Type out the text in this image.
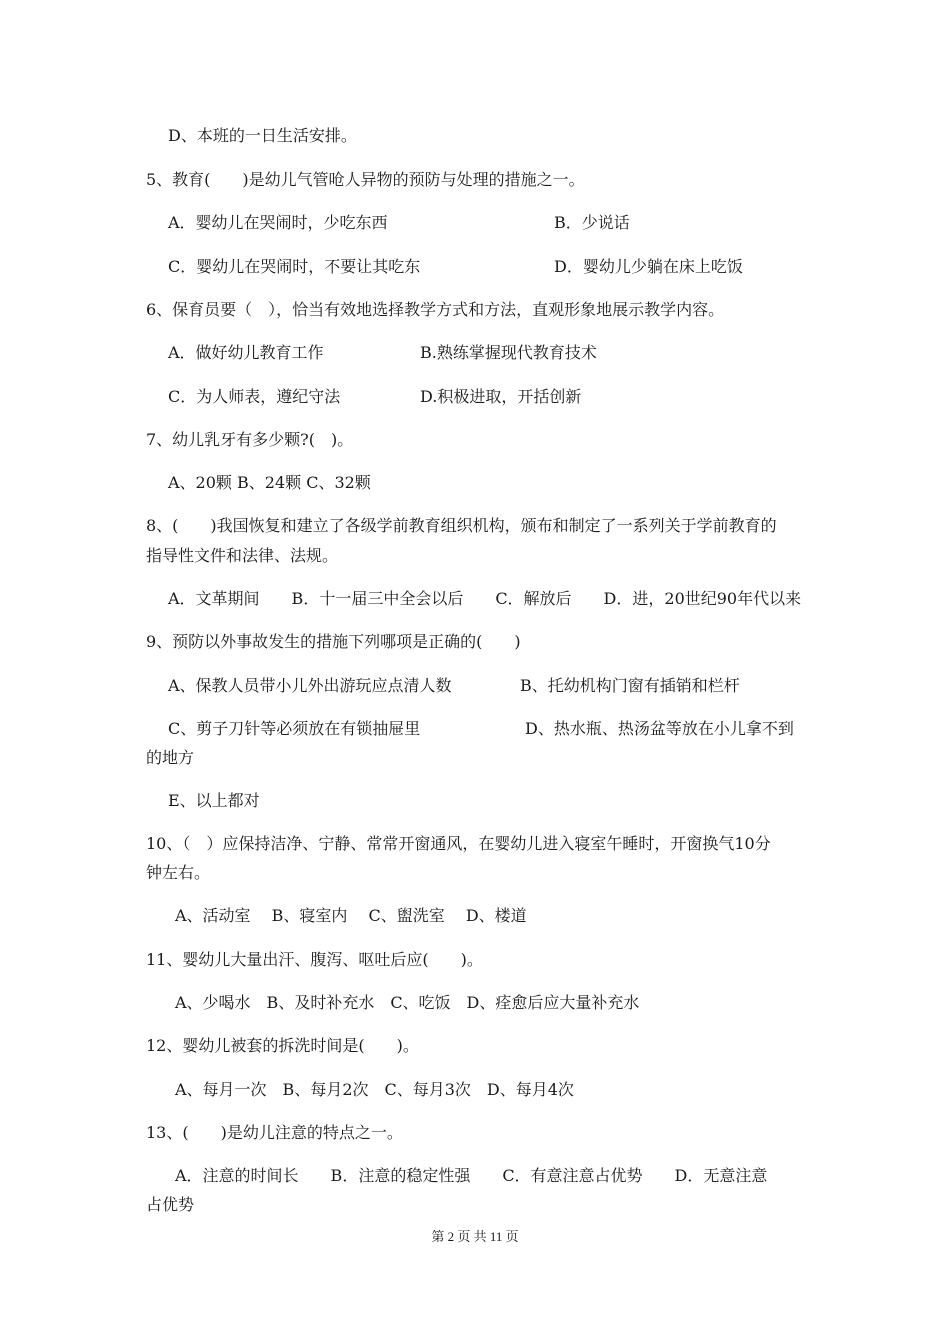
D、本班的一日生活安排。
5、教育(　　)是幼儿气管呛人异物的预防与处理的措施之一。
A．婴幼儿在哭闹时，少吃东西	B．少说话
C．婴幼儿在哭闹时，不要让其吃东	D．婴幼儿少躺在床上吃饭
6、保育员要（　），恰当有效地选择教学方式和方法，直观形象地展示教学内容。
A．做好幼儿教育工作	B.熟练掌握现代教育技术
C．为人师表，遵纪守法	D.积极进取，开括创新
7、幼儿乳牙有多少颗?(　)。
A、20颗 B、24颗 C、32颗
8、(　　)我国恢复和建立了各级学前教育组织机构，颁布和制定了一系列关于学前教育的
指导性文件和法律、法规。
A．文革期间　　B．十一届三中全会以后　　C．解放后　　D．进，20世纪90年代以来
9、预防以外事故发生的措施下列哪项是正确的(　　)
A、保教人员带小儿外出游玩应点清人数	B、托幼机构门窗有插销和栏杆
C、剪子刀针等必须放在有锁抽屉里	D、热水瓶、热汤盆等放在小儿拿不到
的地方
E、以上都对
10、（　）应保持洁净、宁静、常常开窗通风，在婴幼儿进入寝室午睡时，开窗换气10分
钟左右。
A、活动室　 B、寝室内　 C、盥洗室　 D、楼道
11、婴幼儿大量出汗、腹泻、呕吐后应(　　)。
A、少喝水　B、及时补充水　C、吃饭　D、痊愈后应大量补充水
12、婴幼儿被套的拆洗时间是(　　)。
A、每月一次　B、每月2次　C、每月3次　D、每月4次
13、(　　)是幼儿注意的特点之一。
A．注意的时间长　　B．注意的稳定性强　　C．有意注意占优势　　D．无意注意
占优势
第 2 页 共 11 页
